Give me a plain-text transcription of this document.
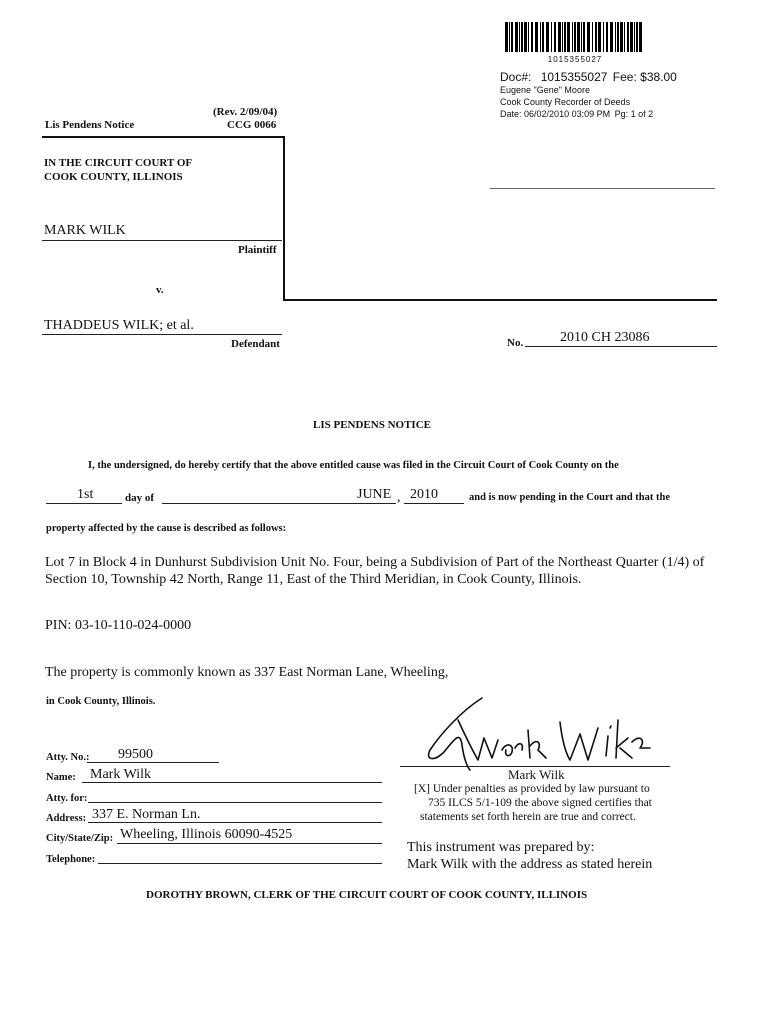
1015355027
Doc#: 1015355027 Fee: $38.00
Eugene "Gene" Moore
Cook County Recorder of Deeds
Date: 06/02/2010 03:09 PM Pg: 1 of 2
Lis Pendens Notice
(Rev. 2/09/04)
CCG 0066
IN THE CIRCUIT COURT OF
COOK COUNTY, ILLINOIS
MARK WILK
Plaintiff
v.
THADDEUS WILK; et al.
Defendant	No.	2010 CH 23086
LIS PENDENS NOTICE
I, the undersigned, do hereby certify that the above entitled cause was filed in the Circuit Court of Cook County on the
1st	day of	JUNE , 2010	and is now pending in the Court and that the
property affected by the cause is described as follows:
Lot 7 in Block 4 in Dunhurst Subdivision Unit No. Four, being a Subdivision of Part of the Northeast Quarter (1/4) of
Section 10, Township 42 North, Range 11, East of the Third Meridian, in Cook County, Illinois.
PIN: 03-10-110-024-0000
The property is commonly known as 337 East Norman Lane, Wheeling,
in Cook County, Illinois.
Atty. No.: 99500
Name: Mark Wilk
Atty. for:
Address: 337 E. Norman Ln.
City/State/Zip: Wheeling, Illinois 60090-4525
Telephone:
Mark Wilk
[X] Under penalties as provided by law pursuant to
735 ILCS 5/1-109 the above signed certifies that
statements set forth herein are true and correct.
This instrument was prepared by:
Mark Wilk with the address as stated herein
DOROTHY BROWN, CLERK OF THE CIRCUIT COURT OF COOK COUNTY, ILLINOIS
